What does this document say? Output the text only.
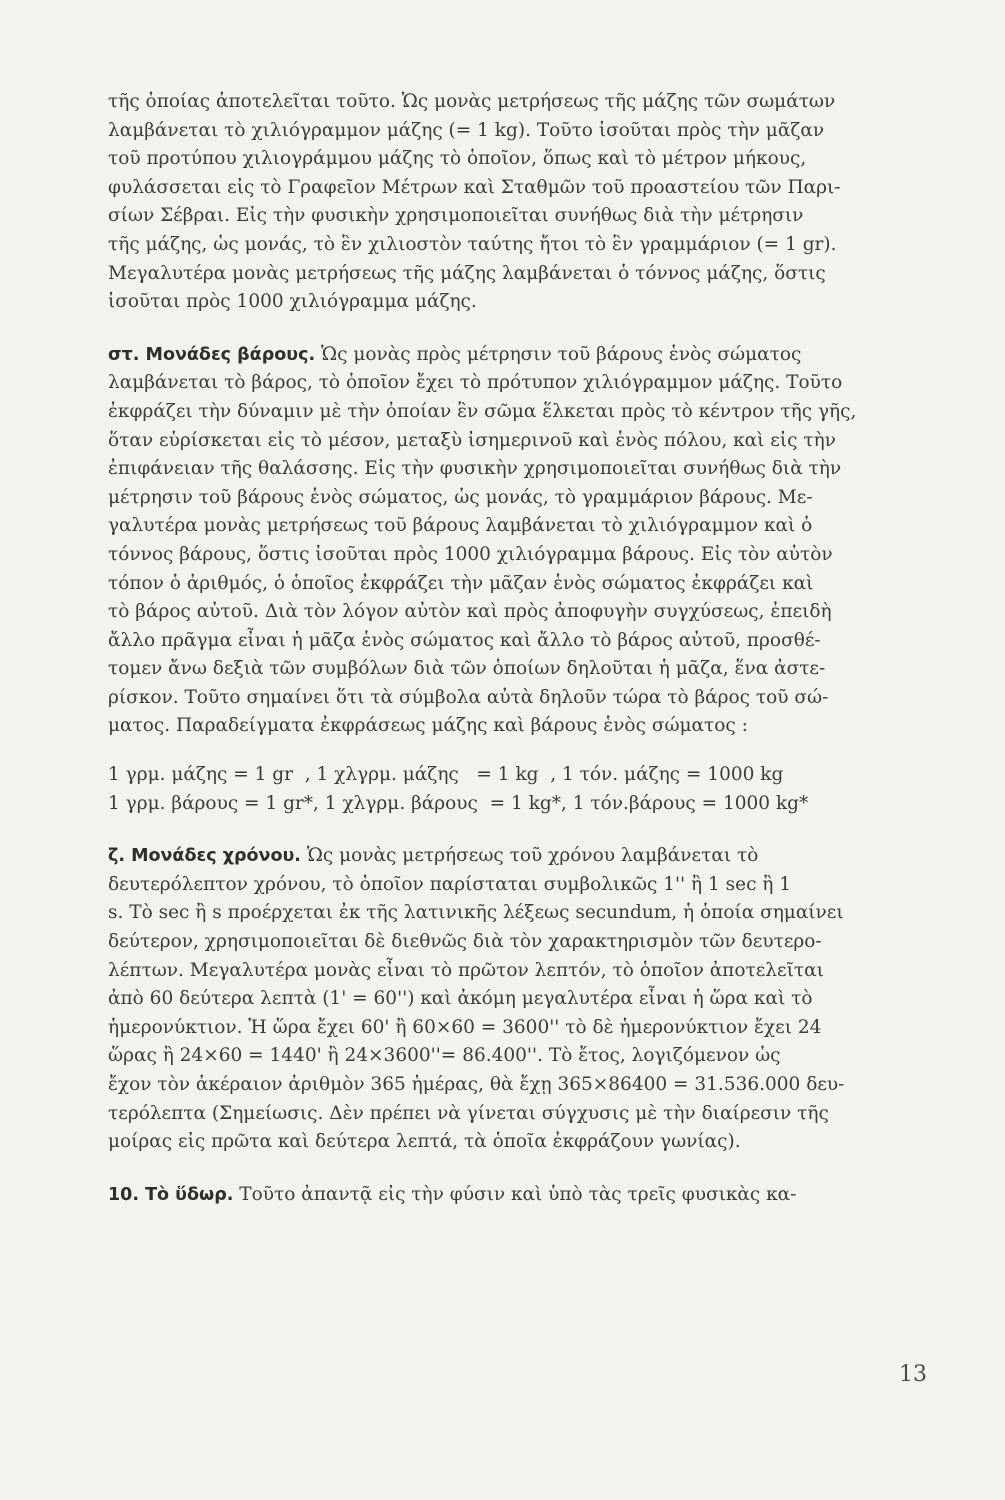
τῆς ὁποίας ἀποτελεῖται τοῦτο. Ὡς μονὰς μετρήσεως τῆς μάζης τῶν σωμάτων
λαμβάνεται τὸ χιλιόγραμμον μάζης (= 1 kg). Τοῦτο ἰσοῦται πρὸς τὴν μᾶζαν
τοῦ προτύπου χιλιογράμμου μάζης τὸ ὁποῖον, ὅπως καὶ τὸ μέτρον μήκους,
φυλάσσεται εἰς τὸ Γραφεῖον Μέτρων καὶ Σταθμῶν τοῦ προαστείου τῶν Παρι-
σίων Σέβραι. Εἰς τὴν φυσικὴν χρησιμοποιεῖται συνήθως διὰ τὴν μέτρησιν
τῆς μάζης, ὡς μονάς, τὸ ἓν χιλιοστὸν ταύτης ἤτοι τὸ ἓν γραμμάριον (= 1 gr).
Μεγαλυτέρα μονὰς μετρήσεως τῆς μάζης λαμβάνεται ὁ τόννος μάζης, ὅστις
ἰσοῦται πρὸς 1000 χιλιόγραμμα μάζης.
στ. Μονάδες βάρους. Ὡς μονὰς πρὸς μέτρησιν τοῦ βάρους ἑνὸς σώματος
λαμβάνεται τὸ βάρος, τὸ ὁποῖον ἔχει τὸ πρότυπον χιλιόγραμμον μάζης. Τοῦτο
ἐκφράζει τὴν δύναμιν μὲ τὴν ὁποίαν ἓν σῶμα ἕλκεται πρὸς τὸ κέντρον τῆς γῆς,
ὅταν εὑρίσκεται εἰς τὸ μέσον, μεταξὺ ἰσημερινοῦ καὶ ἑνὸς πόλου, καὶ εἰς τὴν
ἐπιφάνειαν τῆς θαλάσσης. Εἰς τὴν φυσικὴν χρησιμοποιεῖται συνήθως διὰ τὴν
μέτρησιν τοῦ βάρους ἑνὸς σώματος, ὡς μονάς, τὸ γραμμάριον βάρους. Με-
γαλυτέρα μονὰς μετρήσεως τοῦ βάρους λαμβάνεται τὸ χιλιόγραμμον καὶ ὁ
τόννος βάρους, ὅστις ἰσοῦται πρὸς 1000 χιλιόγραμμα βάρους. Εἰς τὸν αὐτὸν
τόπον ὁ ἀριθμός, ὁ ὁποῖος ἐκφράζει τὴν μᾶζαν ἑνὸς σώματος ἐκφράζει καὶ
τὸ βάρος αὐτοῦ. Διὰ τὸν λόγον αὐτὸν καὶ πρὸς ἀποφυγὴν συγχύσεως, ἐπειδὴ
ἄλλο πρᾶγμα εἶναι ἡ μᾶζα ἑνὸς σώματος καὶ ἄλλο τὸ βάρος αὐτοῦ, προσθέ-
τομεν ἄνω δεξιὰ τῶν συμβόλων διὰ τῶν ὁποίων δηλοῦται ἡ μᾶζα, ἕνα ἀστε-
ρίσκον. Τοῦτο σημαίνει ὅτι τὰ σύμβολα αὐτὰ δηλοῦν τώρα τὸ βάρος τοῦ σώ-
ματος. Παραδείγματα ἐκφράσεως μάζης καὶ βάρους ἑνὸς σώματος :
1 γρμ. μάζης = 1 gr  , 1 χλγρμ. μάζης   = 1 kg  , 1 τόν. μάζης = 1000 kg
1 γρμ. βάρους = 1 gr*, 1 χλγρμ. βάρους  = 1 kg*, 1 τόν.βάρους = 1000 kg*
ζ. Μονάδες χρόνου. Ὡς μονὰς μετρήσεως τοῦ χρόνου λαμβάνεται τὸ
δευτερόλεπτον χρόνου, τὸ ὁποῖον παρίσταται συμβολικῶς 1'' ἢ 1 sec ἢ 1
s. Τὸ sec ἢ s προέρχεται ἐκ τῆς λατινικῆς λέξεως secundum, ἡ ὁποία σημαίνει
δεύτερον, χρησιμοποιεῖται δὲ διεθνῶς διὰ τὸν χαρακτηρισμὸν τῶν δευτερο-
λέπτων. Μεγαλυτέρα μονὰς εἶναι τὸ πρῶτον λεπτόν, τὸ ὁποῖον ἀποτελεῖται
ἀπὸ 60 δεύτερα λεπτὰ (1' = 60'') καὶ ἀκόμη μεγαλυτέρα εἶναι ἡ ὥρα καὶ τὸ
ἡμερονύκτιον. Ἡ ὥρα ἔχει 60' ἢ 60×60 = 3600'' τὸ δὲ ἡμερονύκτιον ἔχει 24
ὥρας ἢ 24×60 = 1440' ἢ 24×3600''= 86.400''. Τὸ ἔτος, λογιζόμενον ὡς
ἔχον τὸν ἀκέραιον ἀριθμὸν 365 ἡμέρας, θὰ ἔχῃ 365×86400 = 31.536.000 δευ-
τερόλεπτα (Σημείωσις. Δὲν πρέπει νὰ γίνεται σύγχυσις μὲ τὴν διαίρεσιν τῆς
μοίρας εἰς πρῶτα καὶ δεύτερα λεπτά, τὰ ὁποῖα ἐκφράζουν γωνίας).
10. Τὸ ὕδωρ. Τοῦτο ἀπαντᾷ εἰς τὴν φύσιν καὶ ὑπὸ τὰς τρεῖς φυσικὰς κα-
13
